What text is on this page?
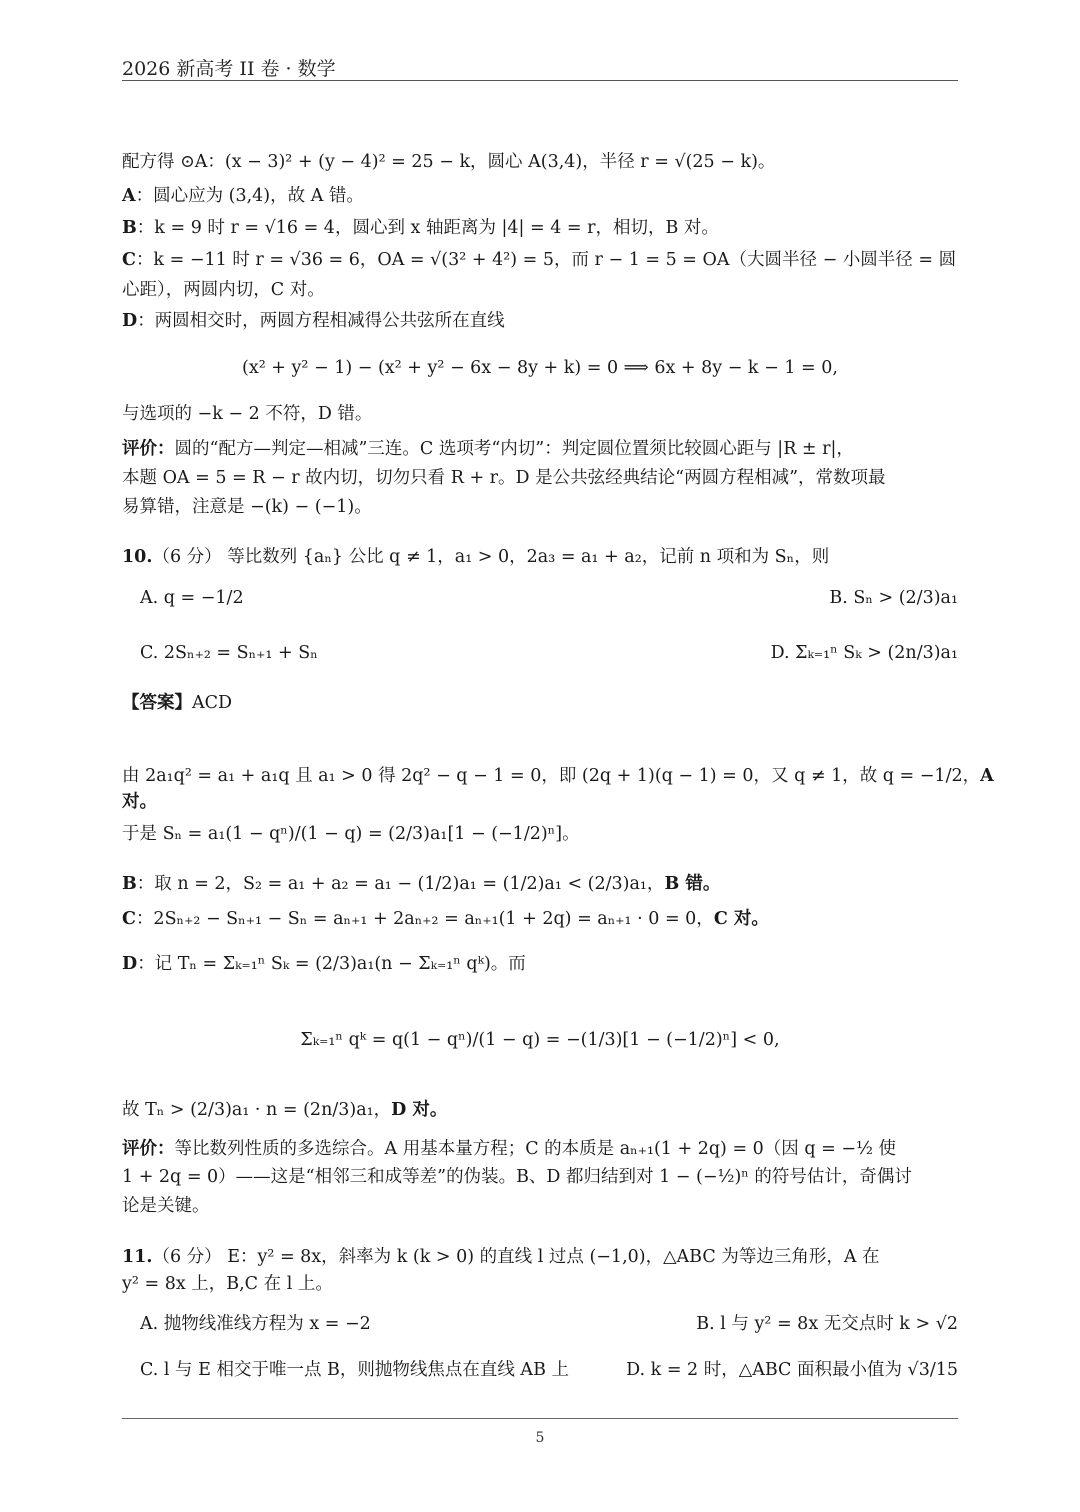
2026 新高考 II 卷 · 数学
配方得 ⊙A：(x − 3)² + (y − 4)² = 25 − k，圆心 A(3,4)，半径 r = √(25 − k)。
A：圆心应为 (3,4)，故 A 错。
B：k = 9 时 r = √16 = 4，圆心到 x 轴距离为 |4| = 4 = r，相切，B 对。
C：k = −11 时 r = √36 = 6，OA = √(3² + 4²) = 5，而 r − 1 = 5 = OA（大圆半径 − 小圆半径 = 圆
心距），两圆内切，C 对。
D：两圆相交时，两圆方程相减得公共弦所在直线
(x² + y² − 1) − (x² + y² − 6x − 8y + k) = 0 ⟹ 6x + 8y − k − 1 = 0,
与选项的 −k − 2 不符，D 错。
评价：圆的“配方—判定—相减”三连。C 选项考“内切”：判定圆位置须比较圆心距与 |R ± r|，
本题 OA = 5 = R − r 故内切，切勿只看 R + r。D 是公共弦经典结论“两圆方程相减”，常数项最
易算错，注意是 −(k) − (−1)。
10.（6 分） 等比数列 {aₙ} 公比 q ≠ 1，a₁ > 0，2a₃ = a₁ + a₂，记前 n 项和为 Sₙ，则
A. q = −1/2	B. Sₙ > (2/3)a₁
C. 2Sₙ₊₂ = Sₙ₊₁ + Sₙ	D. Σₖ₌₁ⁿ Sₖ > (2n/3)a₁
【答案】ACD
由 2a₁q² = a₁ + a₁q 且 a₁ > 0 得 2q² − q − 1 = 0，即 (2q + 1)(q − 1) = 0，又 q ≠ 1，故 q = −1/2，A
对。
于是 Sₙ = a₁(1 − qⁿ)/(1 − q) = (2/3)a₁[1 − (−1/2)ⁿ]。
B：取 n = 2，S₂ = a₁ + a₂ = a₁ − (1/2)a₁ = (1/2)a₁ < (2/3)a₁，B 错。
C：2Sₙ₊₂ − Sₙ₊₁ − Sₙ = aₙ₊₁ + 2aₙ₊₂ = aₙ₊₁(1 + 2q) = aₙ₊₁ · 0 = 0，C 对。
D：记 Tₙ = Σₖ₌₁ⁿ Sₖ = (2/3)a₁(n − Σₖ₌₁ⁿ qᵏ)。而
Σₖ₌₁ⁿ qᵏ = q(1 − qⁿ)/(1 − q) = −(1/3)[1 − (−1/2)ⁿ] < 0,
故 Tₙ > (2/3)a₁ · n = (2n/3)a₁，D 对。
评价：等比数列性质的多选综合。A 用基本量方程；C 的本质是 aₙ₊₁(1 + 2q) = 0（因 q = −½ 使
1 + 2q = 0）——这是“相邻三和成等差”的伪装。B、D 都归结到对 1 − (−½)ⁿ 的符号估计，奇偶讨
论是关键。
11.（6 分） E：y² = 8x，斜率为 k (k > 0) 的直线 l 过点 (−1,0)，△ABC 为等边三角形，A 在
y² = 8x 上，B,C 在 l 上。
A. 抛物线准线方程为 x = −2	B. l 与 y² = 8x 无交点时 k > √2
C. l 与 E 相交于唯一点 B，则抛物线焦点在直线 AB 上	D. k = 2 时，△ABC 面积最小值为 √3/15
5
